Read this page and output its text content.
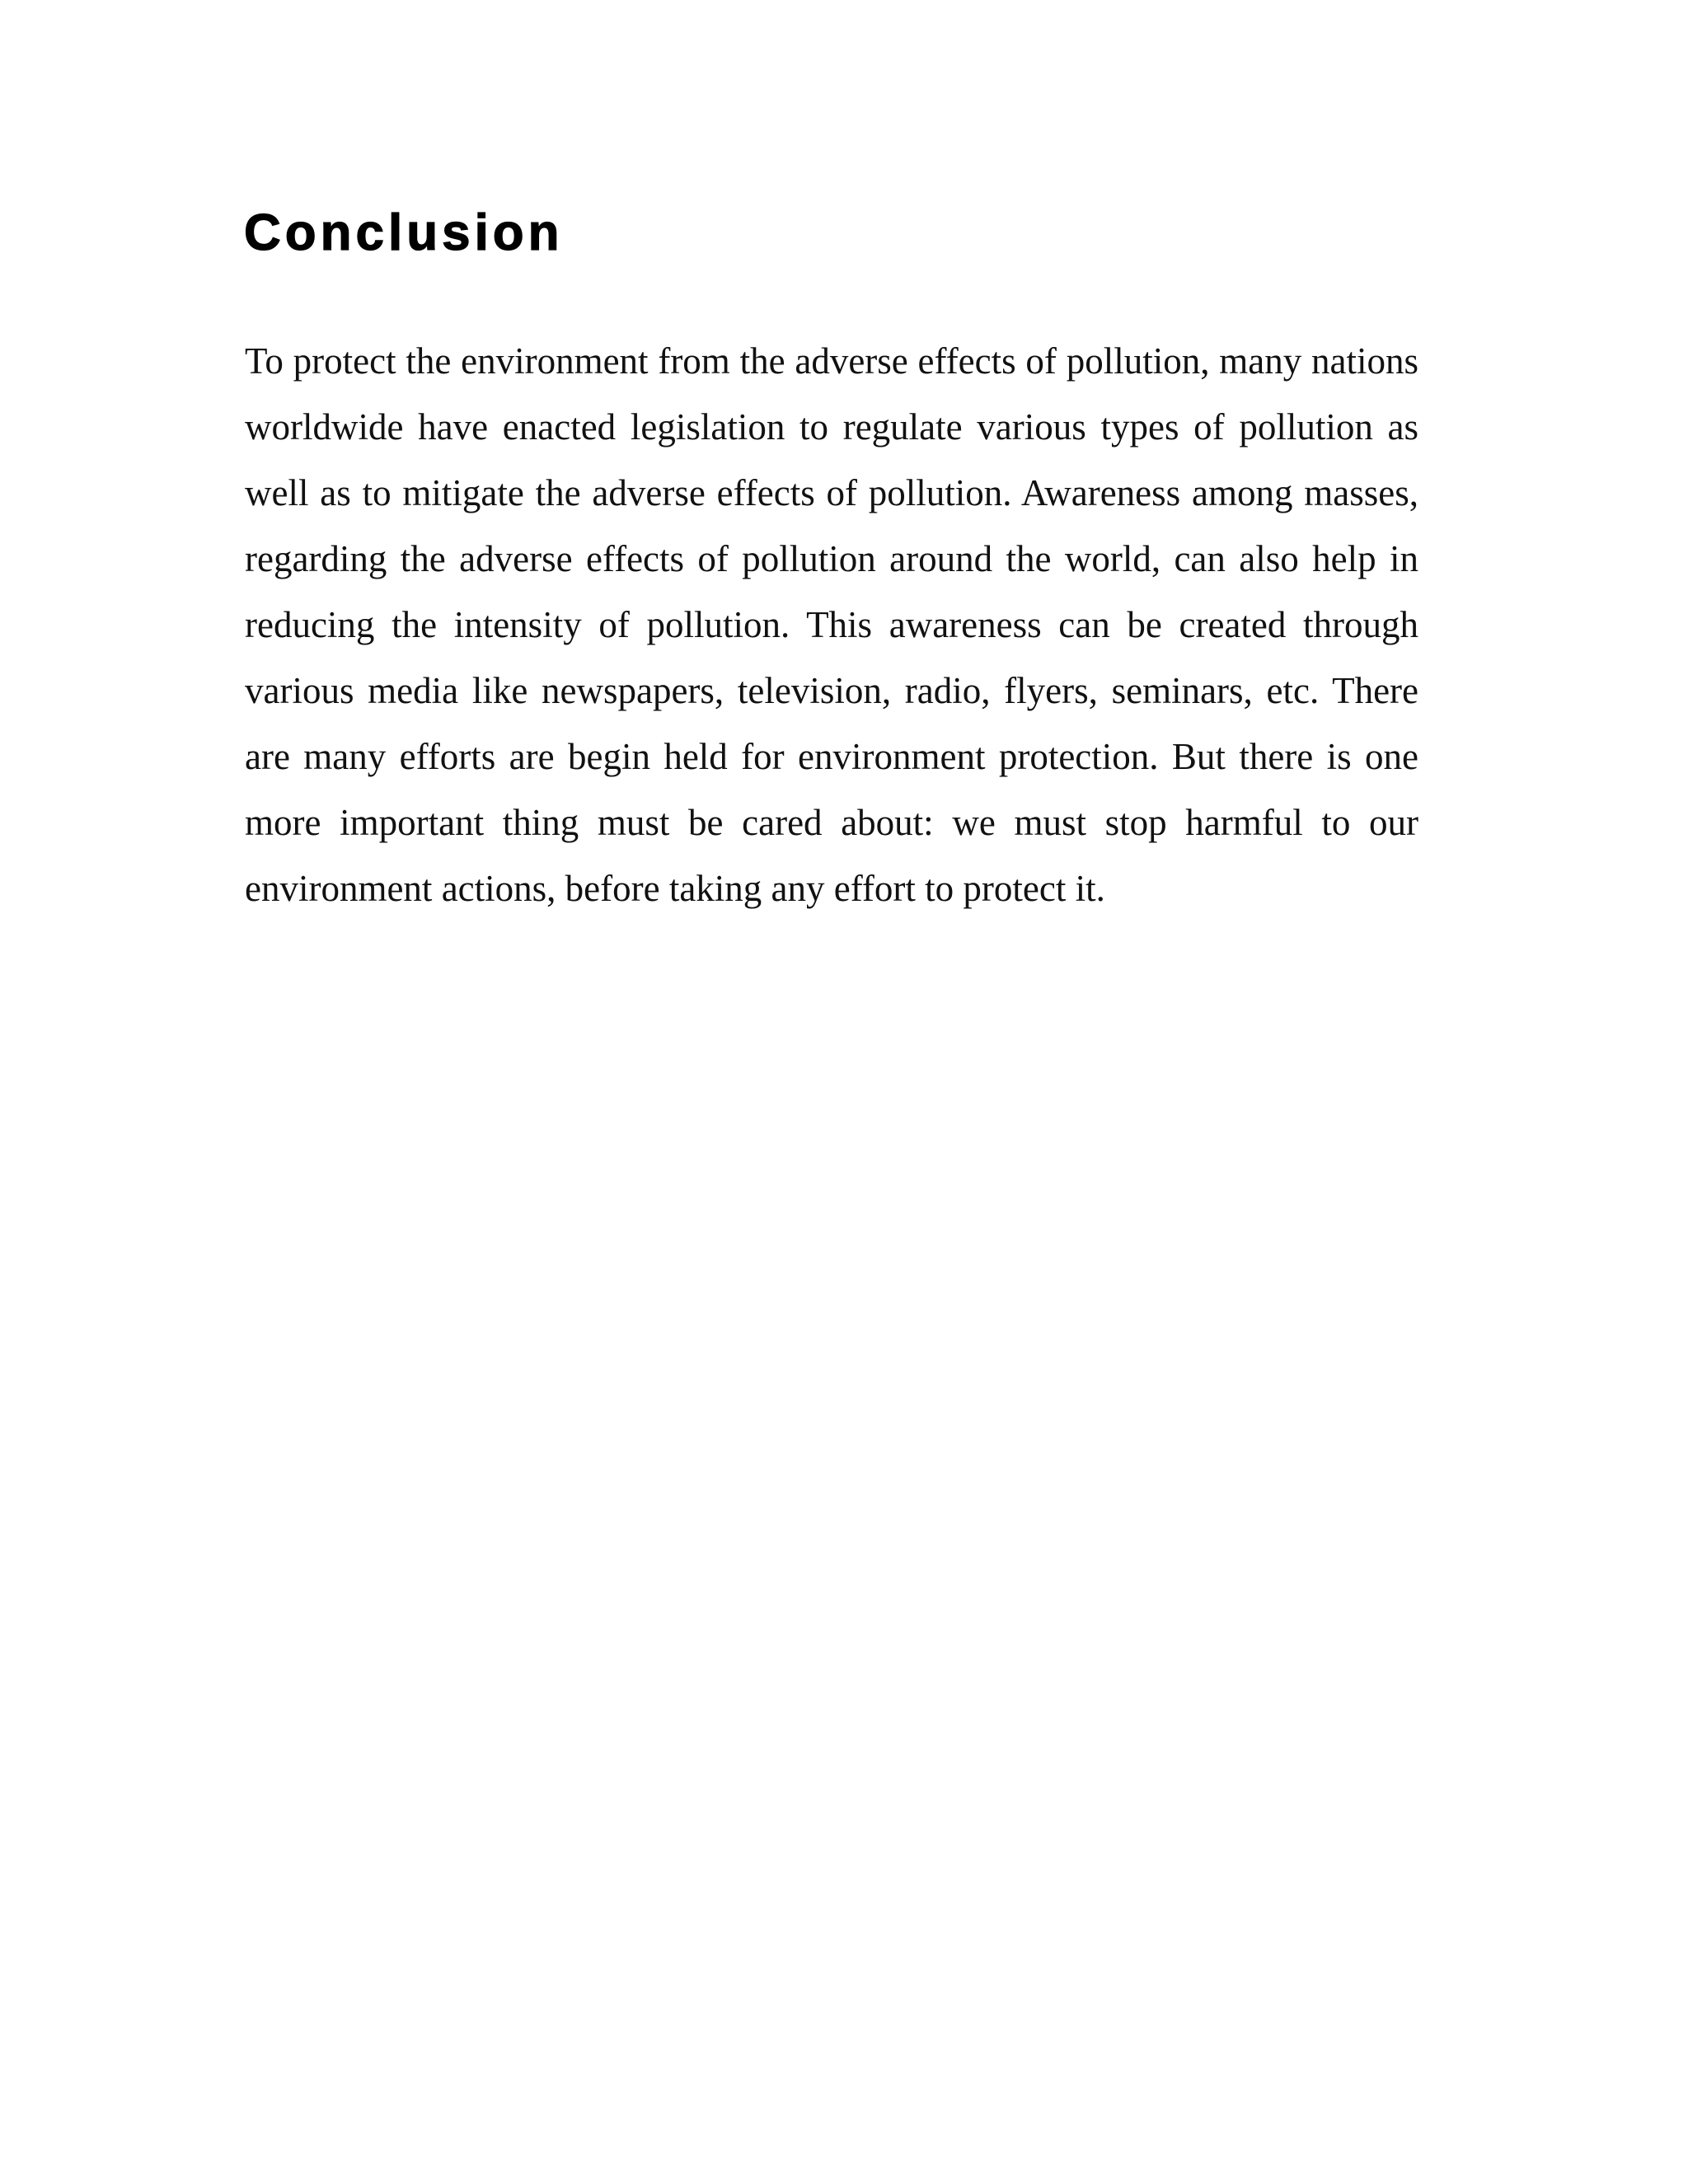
Conclusion

To protect the environment from the adverse effects of pollution, many nations worldwide have enacted legislation to regulate various types of pollution as well as to mitigate the adverse effects of pollution. Awareness among masses, regarding the adverse effects of pollution around the world, can also help in reducing the intensity of pollution. This awareness can be created through various media like newspapers, television, radio, flyers, seminars, etc. There are many efforts are begin held for environment protection. But there is one more important thing must be cared about: we must stop harmful to our environment actions, before taking any effort to protect it.
